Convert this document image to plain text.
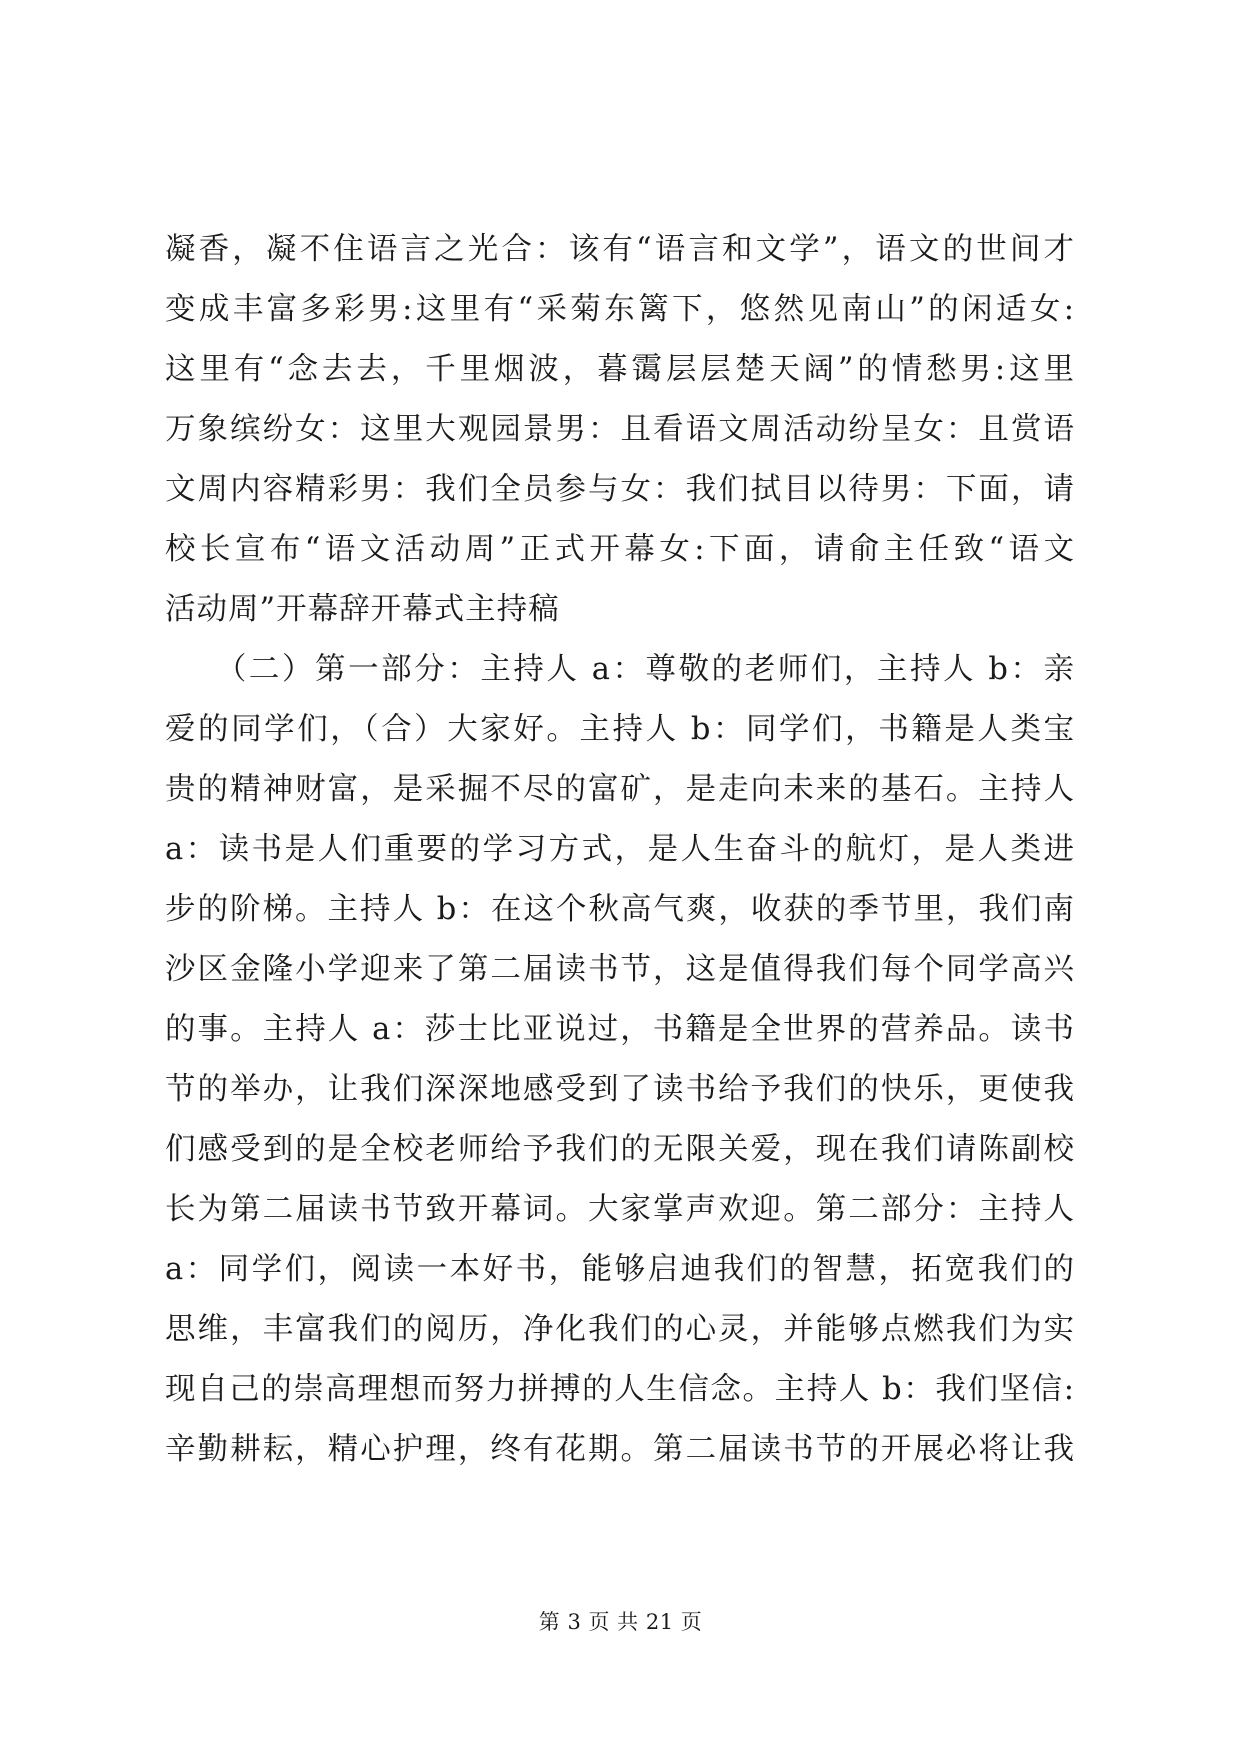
凝香，凝不住语言之光合：该有“语言和文学”，语文的世间才
变成丰富多彩男:这里有“采菊东篱下，悠然见南山”的闲适女:
这里有“念去去，千里烟波，暮霭层层楚天阔”的情愁男:这里
万象缤纷女：这里大观园景男：且看语文周活动纷呈女：且赏语
文周内容精彩男：我们全员参与女：我们拭目以待男：下面，请
校长宣布“语文活动周”正式开幕女:下面，请俞主任致“语文
活动周”开幕辞开幕式主持稿
　　（二）第一部分：主持人 a：尊敬的老师们，主持人 b：亲
爱的同学们，（合）大家好。主持人 b：同学们，书籍是人类宝
贵的精神财富，是采掘不尽的富矿，是走向未来的基石。主持人
a：读书是人们重要的学习方式，是人生奋斗的航灯，是人类进
步的阶梯。主持人 b：在这个秋高气爽，收获的季节里，我们南
沙区金隆小学迎来了第二届读书节，这是值得我们每个同学高兴
的事。主持人 a：莎士比亚说过，书籍是全世界的营养品。读书
节的举办，让我们深深地感受到了读书给予我们的快乐，更使我
们感受到的是全校老师给予我们的无限关爱，现在我们请陈副校
长为第二届读书节致开幕词。大家掌声欢迎。第二部分：主持人
a：同学们，阅读一本好书，能够启迪我们的智慧，拓宽我们的
思维，丰富我们的阅历，净化我们的心灵，并能够点燃我们为实
现自己的崇高理想而努力拼搏的人生信念。主持人 b：我们坚信:
辛勤耕耘，精心护理，终有花期。第二届读书节的开展必将让我
第 3 页 共 21 页
